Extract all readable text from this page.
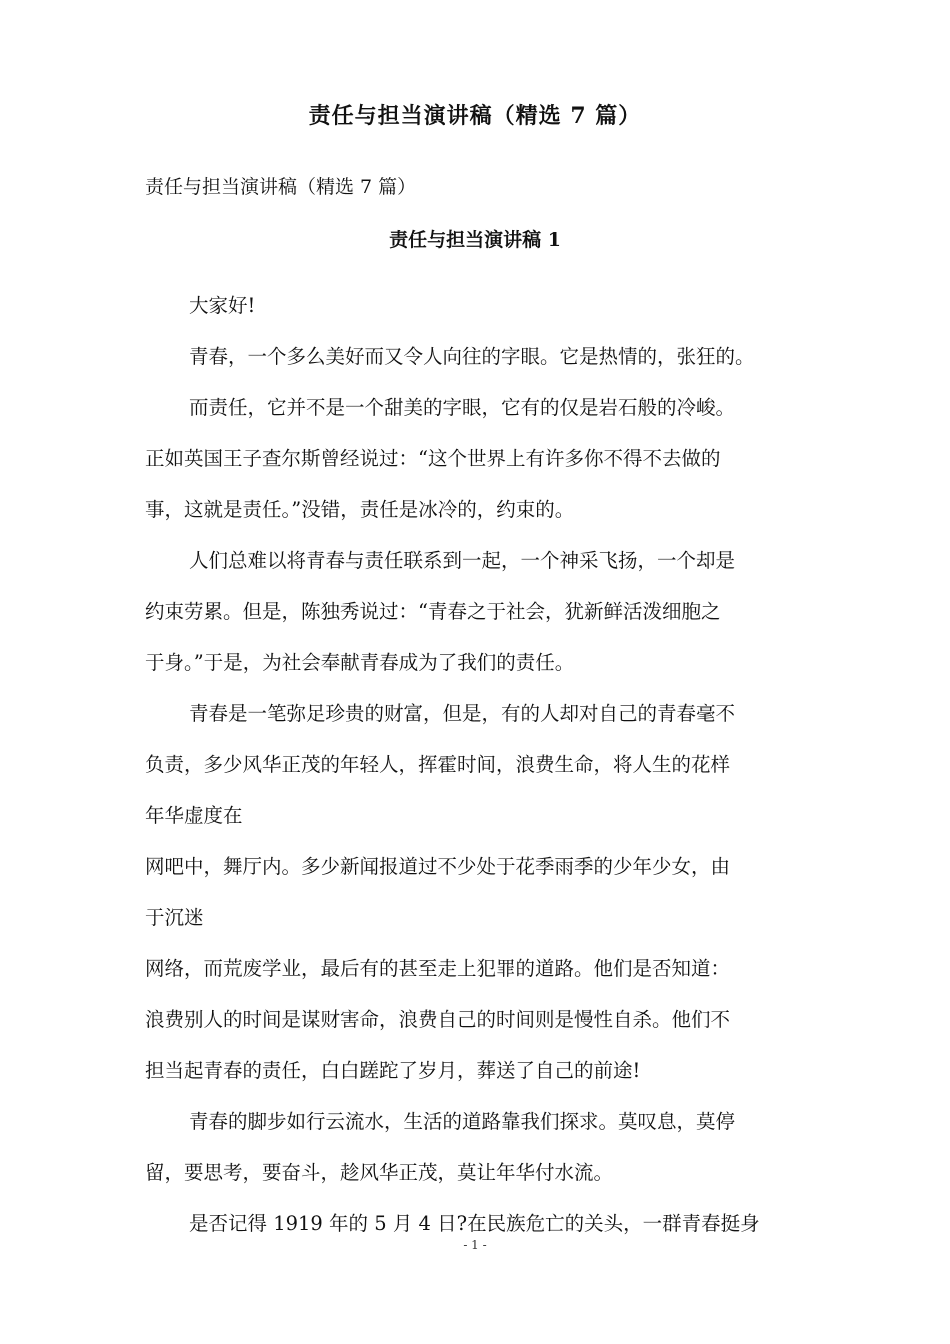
责任与担当演讲稿（精选 7 篇）
责任与担当演讲稿（精选 7 篇）
责任与担当演讲稿 1
大家好!
青春，一个多么美好而又令人向往的字眼。它是热情的，张狂的。
而责任，它并不是一个甜美的字眼，它有的仅是岩石般的冷峻。
正如英国王子查尔斯曾经说过：“这个世界上有许多你不得不去做的
事，这就是责任。”没错，责任是冰冷的，约束的。
人们总难以将青春与责任联系到一起，一个神采飞扬，一个却是
约束劳累。但是，陈独秀说过：“青春之于社会，犹新鲜活泼细胞之
于身。”于是，为社会奉献青春成为了我们的责任。
青春是一笔弥足珍贵的财富，但是，有的人却对自己的青春毫不
负责，多少风华正茂的年轻人，挥霍时间，浪费生命，将人生的花样
年华虚度在
网吧中，舞厅内。多少新闻报道过不少处于花季雨季的少年少女，由
于沉迷
网络，而荒废学业，最后有的甚至走上犯罪的道路。他们是否知道：
浪费别人的时间是谋财害命，浪费自己的时间则是慢性自杀。他们不
担当起青春的责任，白白蹉跎了岁月，葬送了自己的前途!
青春的脚步如行云流水，生活的道路靠我们探求。莫叹息，莫停
留，要思考，要奋斗，趁风华正茂，莫让年华付水流。
是否记得 1919 年的 5 月 4 日?在民族危亡的关头，一群青春挺身
- 1 -
